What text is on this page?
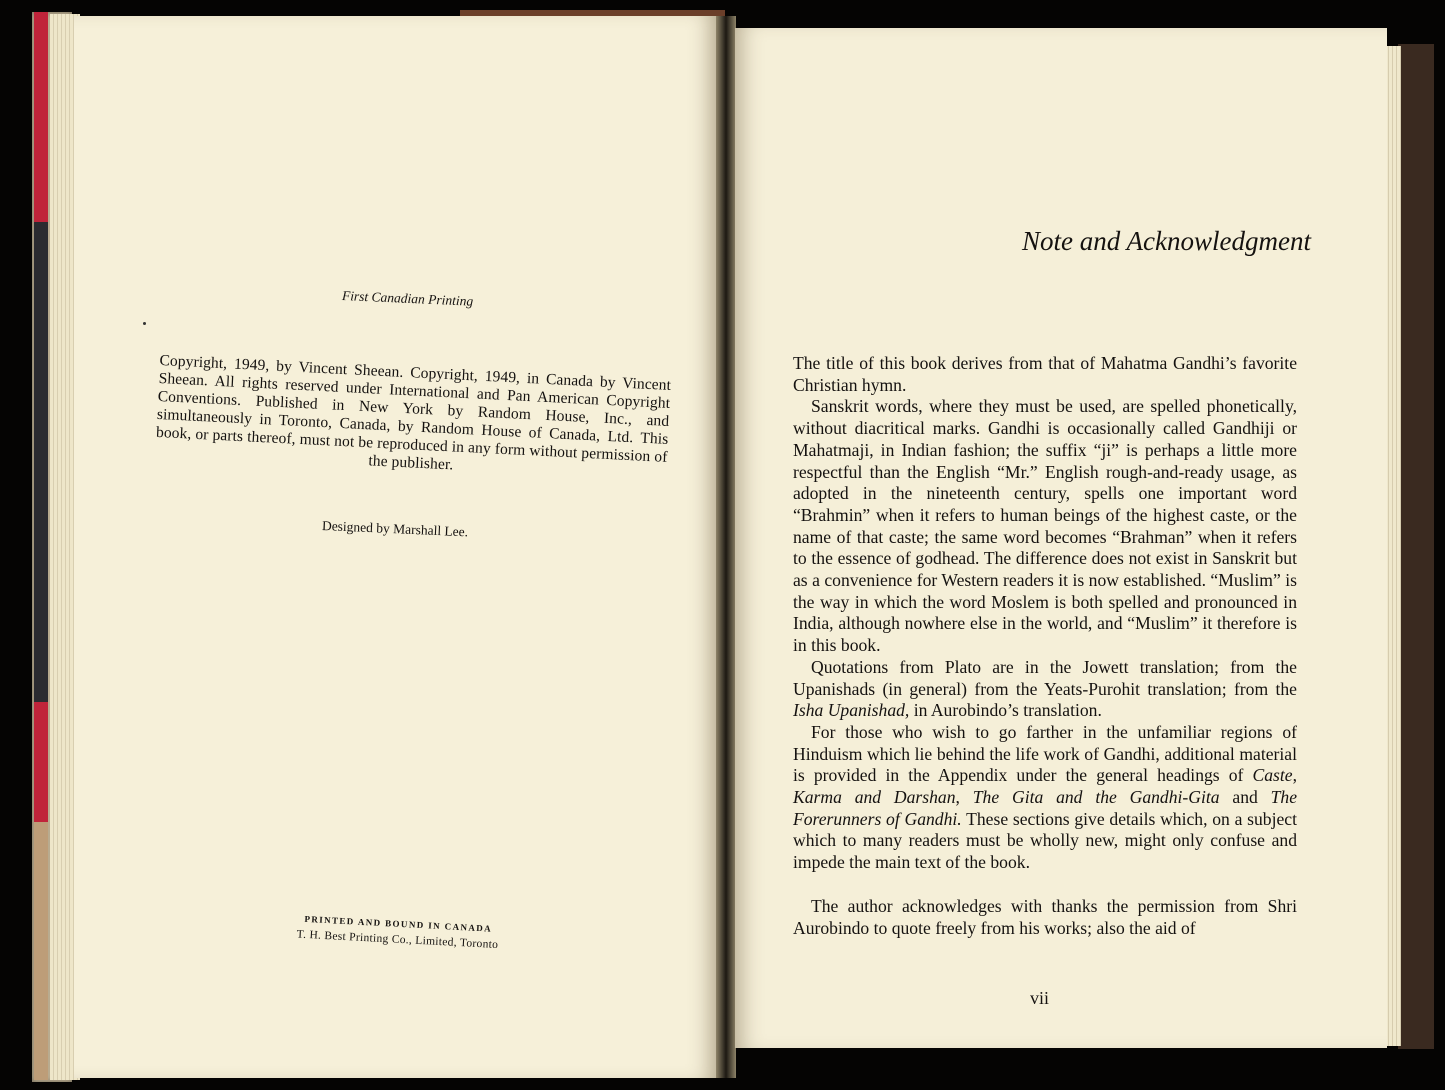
First Canadian Printing
Copyright, 1949, by Vincent Sheean. Copyright, 1949, in Canada by Vincent Sheean. All rights reserved under International and Pan American Copyright Conventions. Published in New York by Random House, Inc., and simultaneously in Toronto, Canada, by Random House of Canada, Ltd. This book, or parts thereof, must not be reproduced in any form without permission of the publisher.
Designed by Marshall Lee.
PRINTED AND BOUND IN CANADA
T. H. Best Printing Co., Limited, Toronto
Note and Acknowledgment

The title of this book derives from that of Mahatma Gandhi’s favorite Christian hymn.

Sanskrit words, where they must be used, are spelled phonetically, without diacritical marks. Gandhi is occasionally called Gandhiji or Mahatmaji, in Indian fashion; the suffix “ji” is perhaps a little more respectful than the English “Mr.” English rough-and-ready usage, as adopted in the nineteenth century, spells one important word “Brahmin” when it refers to human beings of the highest caste, or the name of that caste; the same word becomes “Brahman” when it refers to the essence of godhead. The difference does not exist in Sanskrit but as a convenience for Western readers it is now established. “Muslim” is the way in which the word Moslem is both spelled and pronounced in India, although nowhere else in the world, and “Muslim” it therefore is in this book.

Quotations from Plato are in the Jowett translation; from the Upanishads (in general) from the Yeats-Purohit translation; from the Isha Upanishad, in Aurobindo’s translation.

For those who wish to go farther in the unfamiliar regions of Hinduism which lie behind the life work of Gandhi, additional material is provided in the Appendix under the general headings of Caste, Karma and Darshan, The Gita and the Gandhi-Gita and The Forerunners of Gandhi. These sections give details which, on a subject which to many readers must be wholly new, might only confuse and impede the main text of the book.

The author acknowledges with thanks the permission from Shri Aurobindo to quote freely from his works; also the aid of

vii
